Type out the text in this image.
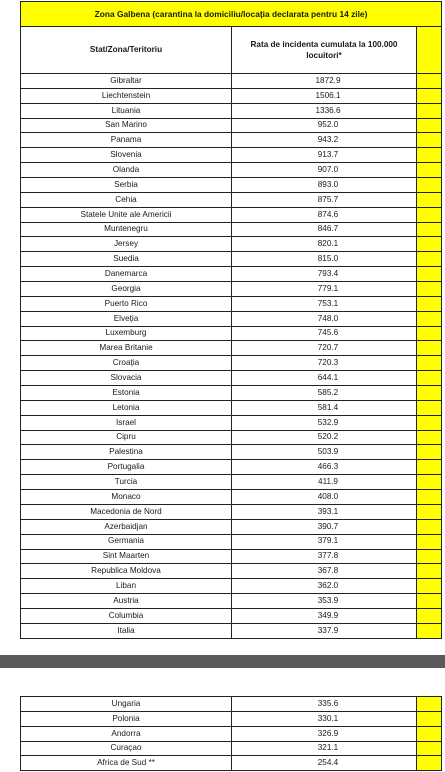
Zona Galbena (carantina la domiciliu/locația declarata pentru 14 zile)		
Stat/Zona/Teritoriu	Rata de incidenta cumulata la 100.000 locuitori*	
Gibraltar	1872.9	
Liechtenstein	1506.1	
Lituania	1336.6	
San Marino	952.0	
Panama	943.2	
Slovenia	913.7	
Olanda	907.0	
Serbia	893.0	
Cehia	875.7	
Statele Unite ale Americii	874.6	
Muntenegru	846.7	
Jersey	820.1	
Suedia	815.0	
Danemarca	793.4	
Georgia	779.1	
Puerto Rico	753.1	
Elveția	748.0	
Luxemburg	745.6	
Marea Britanie	720.7	
Croația	720.3	
Slovacia	644.1	
Estonia	585.2	
Letonia	581.4	
Israel	532.9	
Cipru	520.2	
Palestina	503.9	
Portugalia	466.3	
Turcia	411.9	
Monaco	408.0	
Macedonia de Nord	393.1	
Azerbaidjan	390.7	
Germania	379.1	
Sint Maarten	377.8	
Republica Moldova	367.8	
Liban	362.0	
Austria	353.9	
Columbia	349.9	
Italia	337.9	
Ungaria	335.6	
Polonia	330.1	
Andorra	326.9	
Curaçao	321.1	
Africa de Sud **	254.4	
